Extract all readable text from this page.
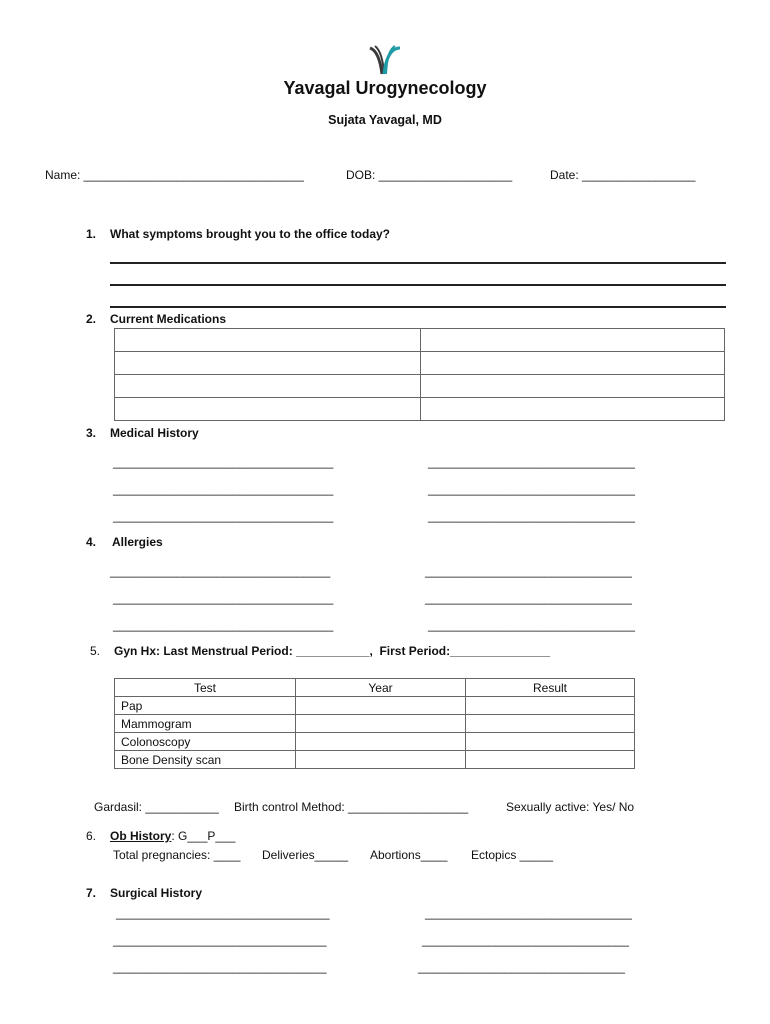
Yavagal Urogynecology
Sujata Yavagal, MD
Name: _________________________________	DOB: ____________________	Date: _________________
1. What symptoms brought you to the office today?
2. Current Medications

3. Medical History
_________________________________
_________________________________
_________________________________
_______________________________
_______________________________
_______________________________
4. Allergies
_________________________________
_________________________________
_________________________________
_______________________________
_______________________________
_______________________________
5. Gyn Hx: Last Menstrual Period: ___________,  First Period:_______________
Test	Year	Result
Pap		
Mammogram		
Colonoscopy		
Bone Density scan		
Gardasil: ___________ Birth control Method: __________________	Sexually active: Yes/ No
6. Ob History: G___P___
Total pregnancies: ____ Deliveries_____ Abortions____ Ectopics _____
7. Surgical History
________________________________
________________________________
________________________________
_______________________________
_______________________________
_______________________________
